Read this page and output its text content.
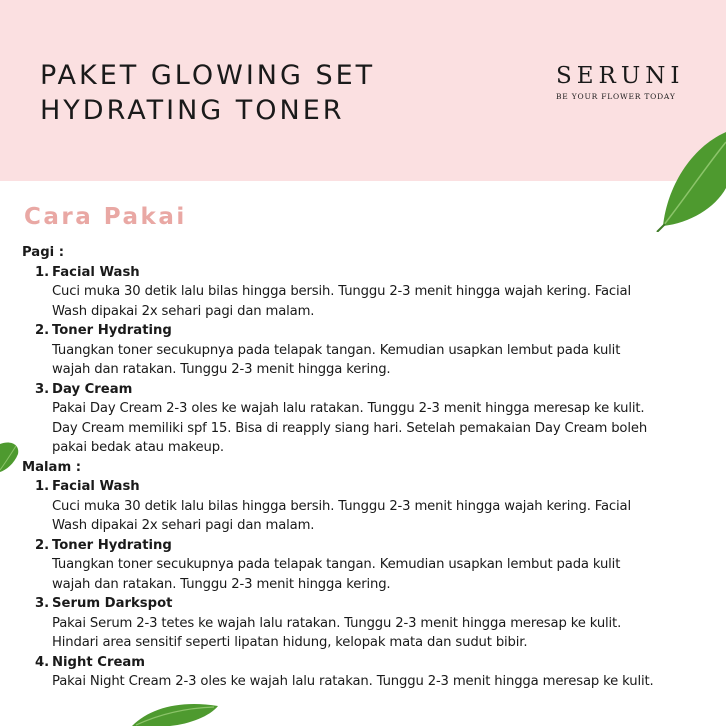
PAKET GLOWING SET
HYDRATING TONER
SERUNI
BE YOUR FLOWER TODAY
Cara Pakai
Pagi :
1. Facial Wash
Cuci muka 30 detik lalu bilas hingga bersih. Tunggu 2-3 menit hingga wajah kering. Facial
Wash dipakai 2x sehari pagi dan malam.
2. Toner Hydrating
Tuangkan toner secukupnya pada telapak tangan. Kemudian usapkan lembut pada kulit
wajah dan ratakan. Tunggu 2-3 menit hingga kering.
3. Day Cream
Pakai Day Cream 2-3 oles ke wajah lalu ratakan. Tunggu 2-3 menit hingga meresap ke kulit.
Day Cream memiliki spf 15. Bisa di reapply siang hari. Setelah pemakaian Day Cream boleh
pakai bedak atau makeup.
Malam :
1. Facial Wash
Cuci muka 30 detik lalu bilas hingga bersih. Tunggu 2-3 menit hingga wajah kering. Facial
Wash dipakai 2x sehari pagi dan malam.
2. Toner Hydrating
Tuangkan toner secukupnya pada telapak tangan. Kemudian usapkan lembut pada kulit
wajah dan ratakan. Tunggu 2-3 menit hingga kering.
3. Serum Darkspot
Pakai Serum 2-3 tetes ke wajah lalu ratakan. Tunggu 2-3 menit hingga meresap ke kulit.
Hindari area sensitif seperti lipatan hidung, kelopak mata dan sudut bibir.
4. Night Cream
Pakai Night Cream 2-3 oles ke wajah lalu ratakan. Tunggu 2-3 menit hingga meresap ke kulit.
